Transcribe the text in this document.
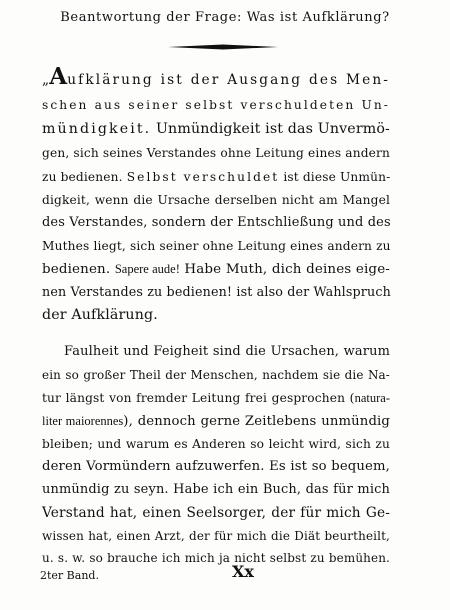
Beantwortung der Frage: Was ist Aufklärung?
„Aufklärung ist der Ausgang des Men-
schen aus seiner selbst verschuldeten Un-
mündigkeit. Unmündigkeit ist das Unvermö-
gen, sich seines Verstandes ohne Leitung eines andern
zu bedienen. Selbst verschuldet ist diese Unmün-
digkeit, wenn die Ursache derselben nicht am Mangel
des Verstandes, sondern der Entschließung und des
Muthes liegt, sich seiner ohne Leitung eines andern zu
bedienen. Sapere aude! Habe Muth, dich deines eige-
nen Verstandes zu bedienen! ist also der Wahlspruch
der Aufklärung.
Faulheit und Feigheit sind die Ursachen, warum
ein so großer Theil der Menschen, nachdem sie die Na-
tur längst von fremder Leitung frei gesprochen (natura-
liter maiorennes), dennoch gerne Zeitlebens unmündig
bleiben; und warum es Anderen so leicht wird, sich zu
deren Vormündern aufzuwerfen. Es ist so bequem,
unmündig zu seyn. Habe ich ein Buch, das für mich
Verstand hat, einen Seelsorger, der für mich Ge-
wissen hat, einen Arzt, der für mich die Diät beurtheilt,
u. s. w. so brauche ich mich ja nicht selbst zu bemühen.
2ter Band.	Xx
